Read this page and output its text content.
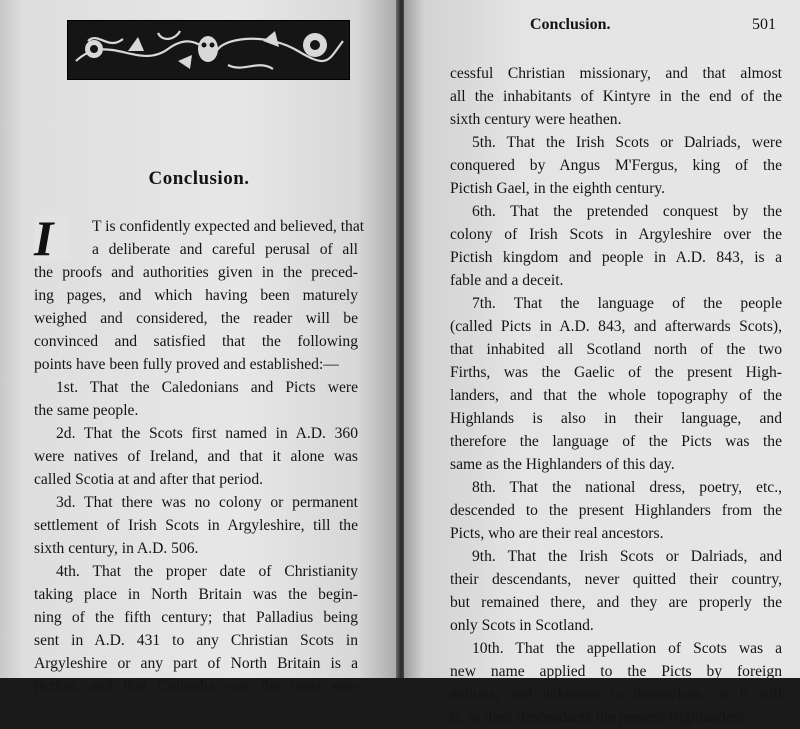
Conclusion.
I	T is confidently expected and believed, that
a deliberate and careful perusal of all
the proofs and authorities given in the preced-
ing pages, and which having been maturely
weighed and considered, the reader will be
convinced and satisfied that the following
points have been fully proved and established:—
1st. That the Caledonians and Picts were
the same people.
2d. That the Scots first named in A.D. 360
were natives of Ireland, and that it alone was
called Scotia at and after that period.
3d. That there was no colony or permanent
settlement of Irish Scots in Argyleshire, till the
sixth century, in A.D. 506.
4th. That the proper date of Christianity
taking place in North Britain was the begin-
ning of the fifth century; that Palladius being
sent in A.D. 431 to any Christian Scots in
Argyleshire or any part of North Britain is a
fiction; and that Columba was the most suc-
Conclusion.	501
cessful Christian missionary, and that almost
all the inhabitants of Kintyre in the end of the
sixth century were heathen.
5th. That the Irish Scots or Dalriads, were
conquered by Angus M'Fergus, king of the
Pictish Gael, in the eighth century.
6th. That the pretended conquest by the
colony of Irish Scots in Argyleshire over the
Pictish kingdom and people in A.D. 843, is a
fable and a deceit.
7th. That the language of the people
(called Picts in A.D. 843, and afterwards Scots),
that inhabited all Scotland north of the two
Firths, was the Gaelic of the present High-
landers, and that the whole topography of the
Highlands is also in their language, and
therefore the language of the Picts was the
same as the Highlanders of this day.
8th. That the national dress, poetry, etc.,
descended to the present Highlanders from the
Picts, who are their real ancestors.
9th. That the Irish Scots or Dalriads, and
their descendants, never quitted their country,
but remained there, and they are properly the
only Scots in Scotland.
10th. That the appellation of Scots was a
new name applied to the Picts by foreign
nations, and unknown to themselves, as it still
is, to their descendants the present Highlanders.
